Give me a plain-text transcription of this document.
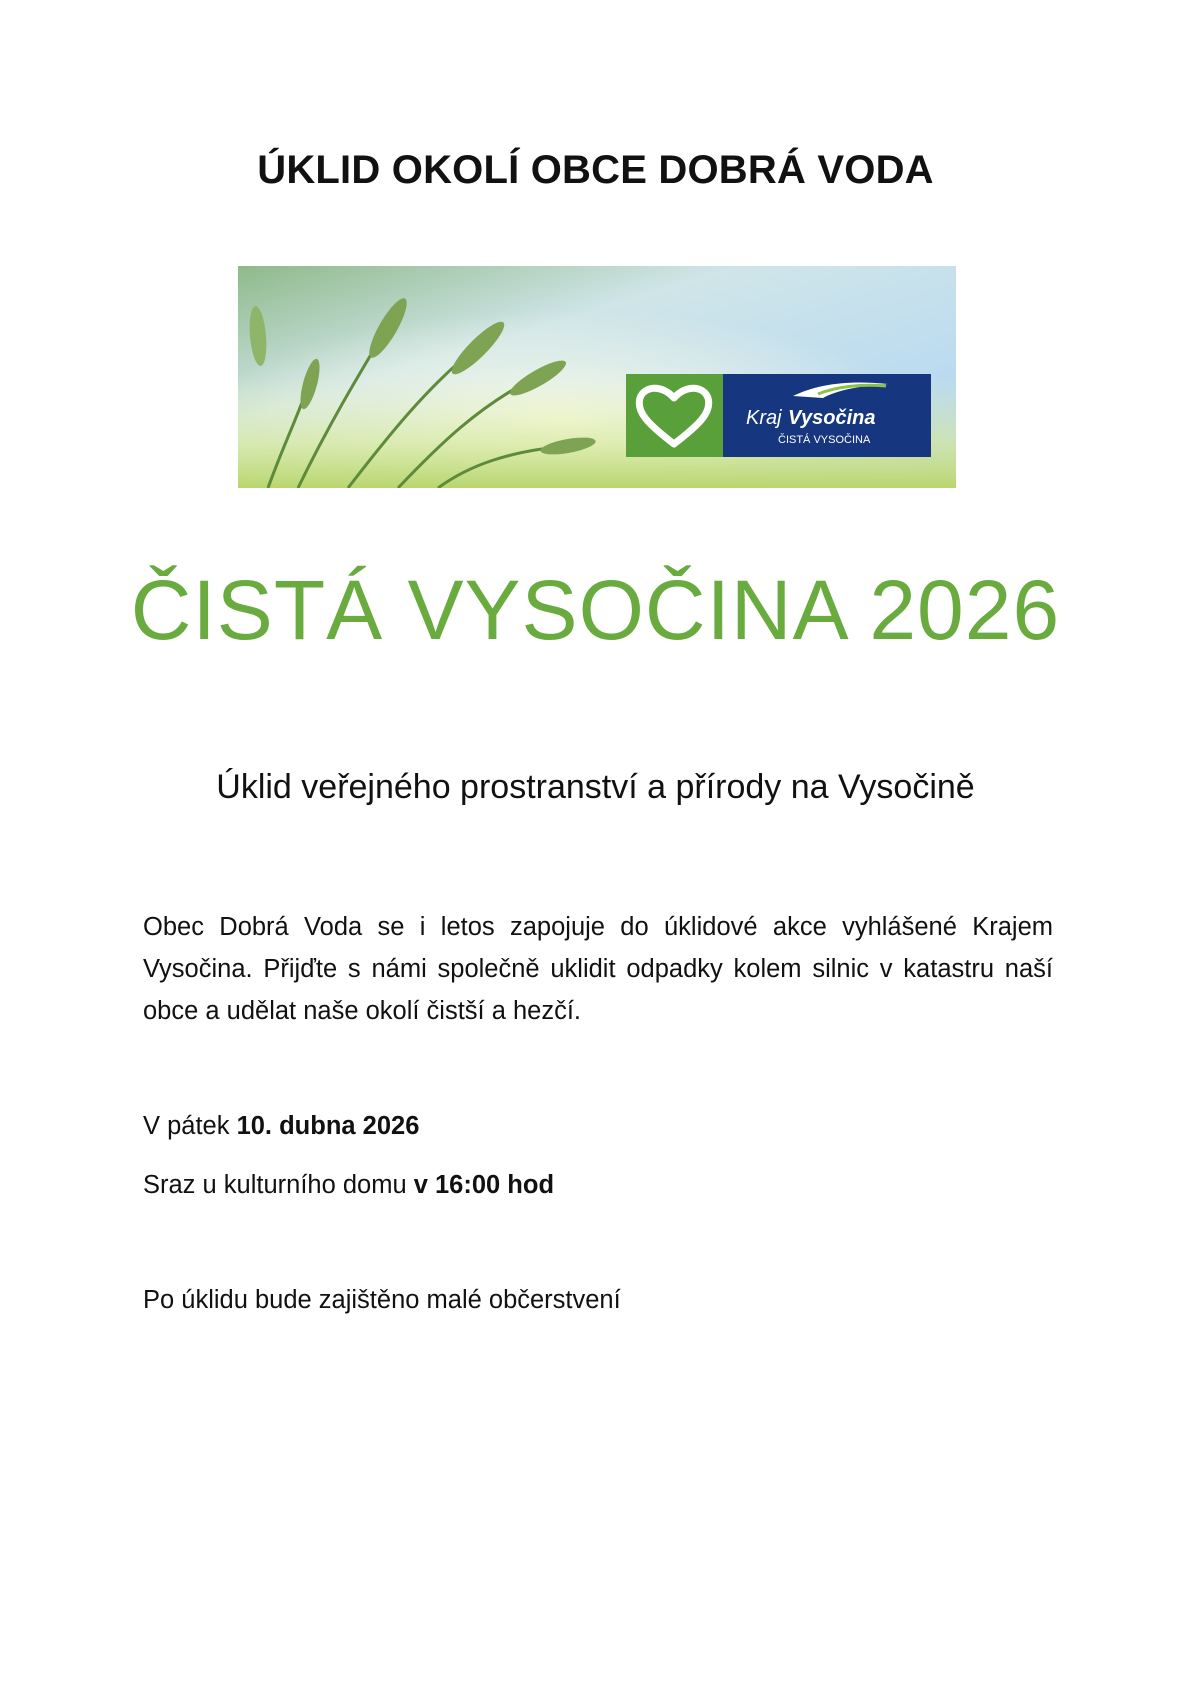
ÚKLID OKOLÍ OBCE DOBRÁ VODA
Kraj Vysočina
ČISTÁ VYSOČINA
ČISTÁ VYSOČINA 2026
Úklid veřejného prostranství a přírody na Vysočině
Obec Dobrá Voda se i letos zapojuje do úklidové akce vyhlášené Krajem Vysočina. Přijďte s námi společně uklidit odpadky kolem silnic v katastru naší obce a udělat naše okolí čistší a hezčí.
V pátek 10. dubna 2026
Sraz u kulturního domu v 16:00 hod
Po úklidu bude zajištěno malé občerstvení
